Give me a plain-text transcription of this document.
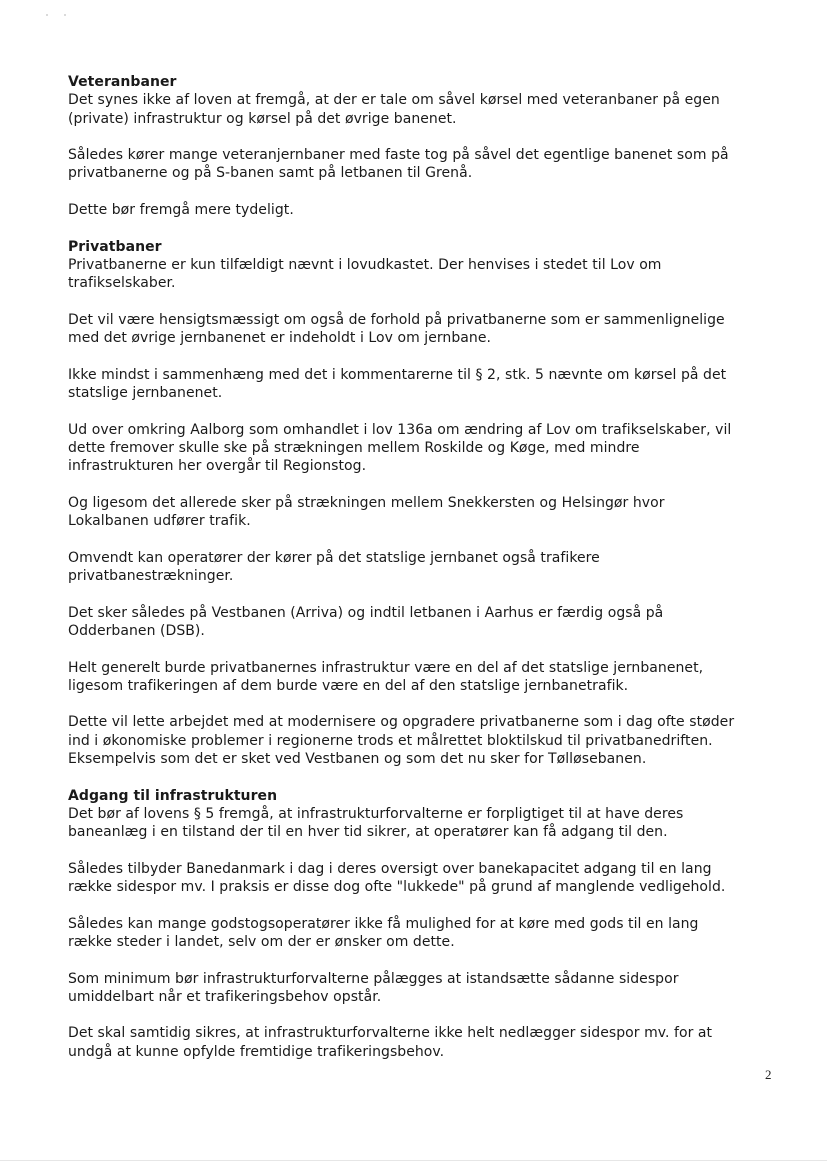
Veteranbaner

Det synes ikke af loven at fremgå, at der er tale om såvel kørsel med veteranbaner på egen
(private) infrastruktur og kørsel på det øvrige banenet.

Således kører mange veteranjernbaner med faste tog på såvel det egentlige banenet som på
privatbanerne og på S-banen samt på letbanen til Grenå.

Dette bør fremgå mere tydeligt.

Privatbaner

Privatbanerne er kun tilfældigt nævnt i lovudkastet. Der henvises i stedet til Lov om
trafikselskaber.

Det vil være hensigtsmæssigt om også de forhold på privatbanerne som er sammenlignelige
med det øvrige jernbanenet er indeholdt i Lov om jernbane.

Ikke mindst i sammenhæng med det i kommentarerne til § 2, stk. 5 nævnte om kørsel på det
statslige jernbanenet.

Ud over omkring Aalborg som omhandlet i lov 136a om ændring af Lov om trafikselskaber, vil
dette fremover skulle ske på strækningen mellem Roskilde og Køge, med mindre
infrastrukturen her overgår til Regionstog.

Og ligesom det allerede sker på strækningen mellem Snekkersten og Helsingør hvor
Lokalbanen udfører trafik.

Omvendt kan operatører der kører på det statslige jernbanet også trafikere
privatbanestrækninger.

Det sker således på Vestbanen (Arriva) og indtil letbanen i Aarhus er færdig også på
Odderbanen (DSB).

Helt generelt burde privatbanernes infrastruktur være en del af det statslige jernbanenet,
ligesom trafikeringen af dem burde være en del af den statslige jernbanetrafik.

Dette vil lette arbejdet med at modernisere og opgradere privatbanerne som i dag ofte støder
ind i økonomiske problemer i regionerne trods et målrettet bloktilskud til privatbanedriften.
Eksempelvis som det er sket ved Vestbanen og som det nu sker for Tølløsebanen.

Adgang til infrastrukturen

Det bør af lovens § 5 fremgå, at infrastrukturforvalterne er forpligtiget til at have deres
baneanlæg i en tilstand der til en hver tid sikrer, at operatører kan få adgang til den.

Således tilbyder Banedanmark i dag i deres oversigt over banekapacitet adgang til en lang
række sidespor mv. I praksis er disse dog ofte "lukkede" på grund af manglende vedligehold.

Således kan mange godstogsoperatører ikke få mulighed for at køre med gods til en lang
række steder i landet, selv om der er ønsker om dette.

Som minimum bør infrastrukturforvalterne pålægges at istandsætte sådanne sidespor
umiddelbart når et trafikeringsbehov opstår.

Det skal samtidig sikres, at infrastrukturforvalterne ikke helt nedlægger sidespor mv. for at
undgå at kunne opfylde fremtidige trafikeringsbehov.

2
